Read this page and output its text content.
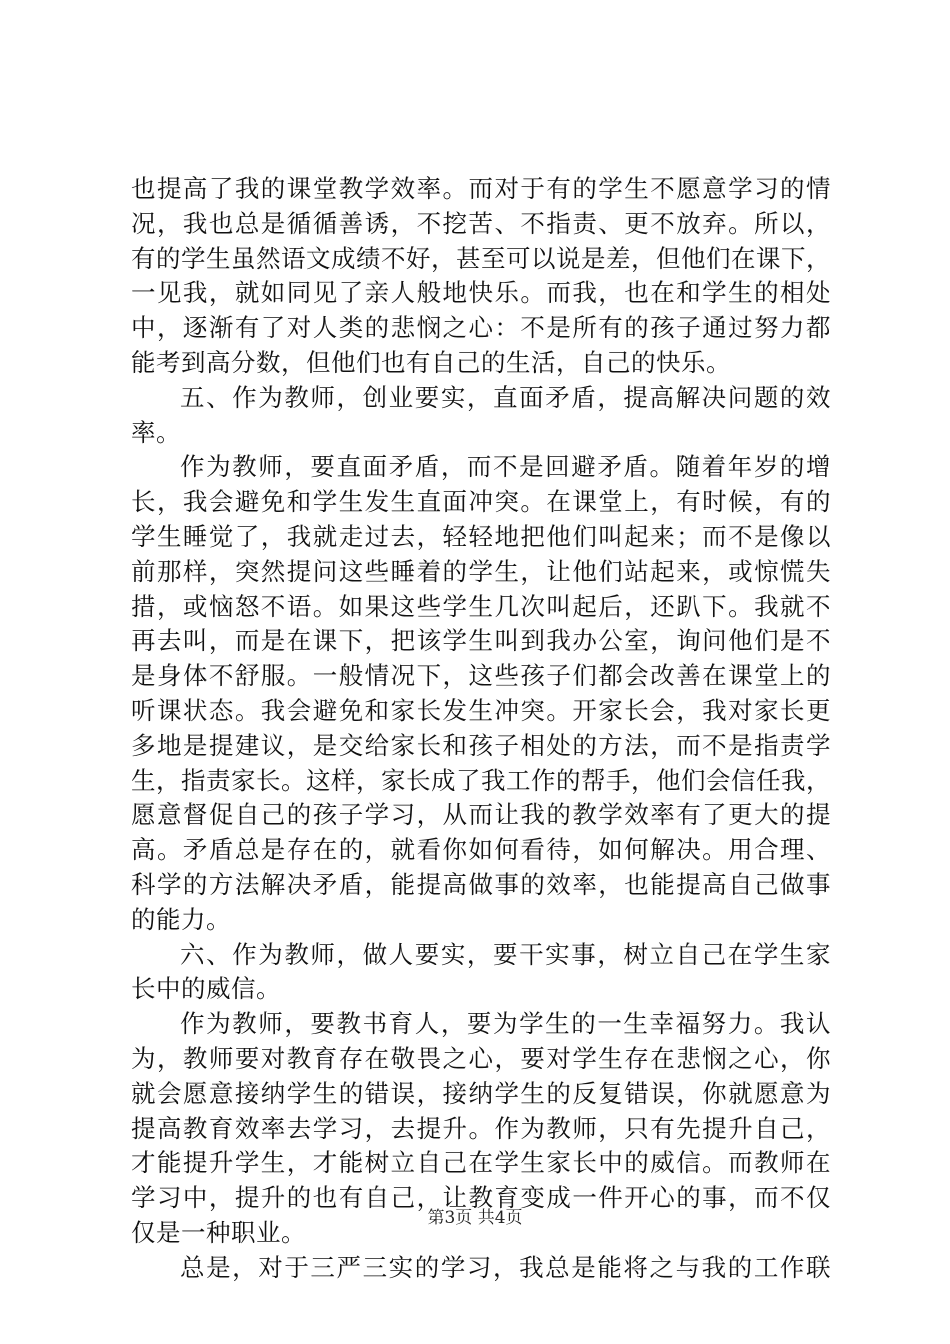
也提高了我的课堂教学效率。而对于有的学生不愿意学习的情
况，我也总是循循善诱，不挖苦、不指责、更不放弃。所以，
有的学生虽然语文成绩不好，甚至可以说是差，但他们在课下，
一见我，就如同见了亲人般地快乐。而我，也在和学生的相处
中，逐渐有了对人类的悲悯之心：不是所有的孩子通过努力都
能考到高分数，但他们也有自己的生活，自己的快乐。
五、作为教师，创业要实，直面矛盾，提高解决问题的效
率。
作为教师，要直面矛盾，而不是回避矛盾。随着年岁的增
长，我会避免和学生发生直面冲突。在课堂上，有时候，有的
学生睡觉了，我就走过去，轻轻地把他们叫起来；而不是像以
前那样，突然提问这些睡着的学生，让他们站起来，或惊慌失
措，或恼怒不语。如果这些学生几次叫起后，还趴下。我就不
再去叫，而是在课下，把该学生叫到我办公室，询问他们是不
是身体不舒服。一般情况下，这些孩子们都会改善在课堂上的
听课状态。我会避免和家长发生冲突。开家长会，我对家长更
多地是提建议，是交给家长和孩子相处的方法，而不是指责学
生，指责家长。这样，家长成了我工作的帮手，他们会信任我，
愿意督促自己的孩子学习，从而让我的教学效率有了更大的提
高。矛盾总是存在的，就看你如何看待，如何解决。用合理、
科学的方法解决矛盾，能提高做事的效率，也能提高自己做事
的能力。
六、作为教师，做人要实，要干实事，树立自己在学生家
长中的威信。
作为教师，要教书育人，要为学生的一生幸福努力。我认
为，教师要对教育存在敬畏之心，要对学生存在悲悯之心，你
就会愿意接纳学生的错误，接纳学生的反复错误，你就愿意为
提高教育效率去学习，去提升。作为教师，只有先提升自己，
才能提升学生，才能树立自己在学生家长中的威信。而教师在
学习中，提升的也有自己，让教育变成一件开心的事，而不仅
仅是一种职业。
总是，对于三严三实的学习，我总是能将之与我的工作联
第3页 共4页
